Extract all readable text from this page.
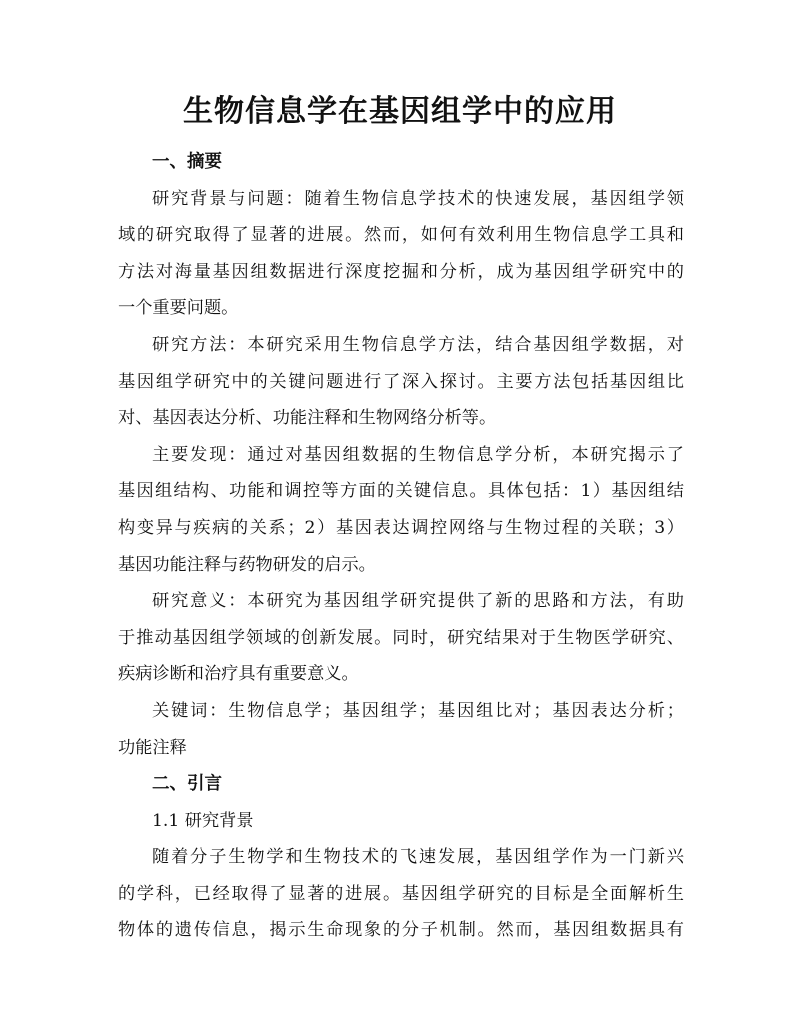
生物信息学在基因组学中的应用
一、摘要
研究背景与问题：随着生物信息学技术的快速发展，基因组学领
域的研究取得了显著的进展。然而，如何有效利用生物信息学工具和
方法对海量基因组数据进行深度挖掘和分析，成为基因组学研究中的
一个重要问题。
研究方法：本研究采用生物信息学方法，结合基因组学数据，对
基因组学研究中的关键问题进行了深入探讨。主要方法包括基因组比
对、基因表达分析、功能注释和生物网络分析等。
主要发现：通过对基因组数据的生物信息学分析，本研究揭示了
基因组结构、功能和调控等方面的关键信息。具体包括：1）基因组结
构变异与疾病的关系；2）基因表达调控网络与生物过程的关联；3）
基因功能注释与药物研发的启示。
研究意义：本研究为基因组学研究提供了新的思路和方法，有助
于推动基因组学领域的创新发展。同时，研究结果对于生物医学研究、
疾病诊断和治疗具有重要意义。
关键词：生物信息学；基因组学；基因组比对；基因表达分析；
功能注释
二、引言
1.1 研究背景
随着分子生物学和生物技术的飞速发展，基因组学作为一门新兴
的学科，已经取得了显著的进展。基因组学研究的目标是全面解析生
物体的遗传信息，揭示生命现象的分子机制。然而，基因组数据具有
